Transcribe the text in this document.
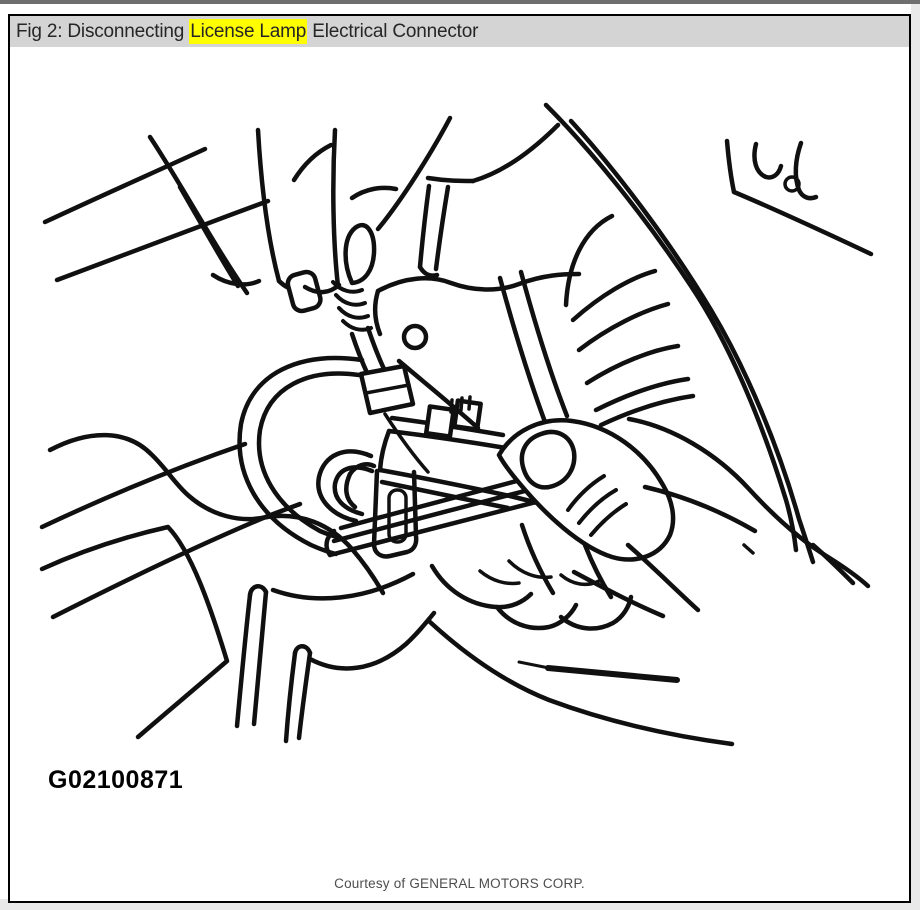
Fig 2: Disconnecting License Lamp Electrical Connector
G02100871
Courtesy of GENERAL MOTORS CORP.
